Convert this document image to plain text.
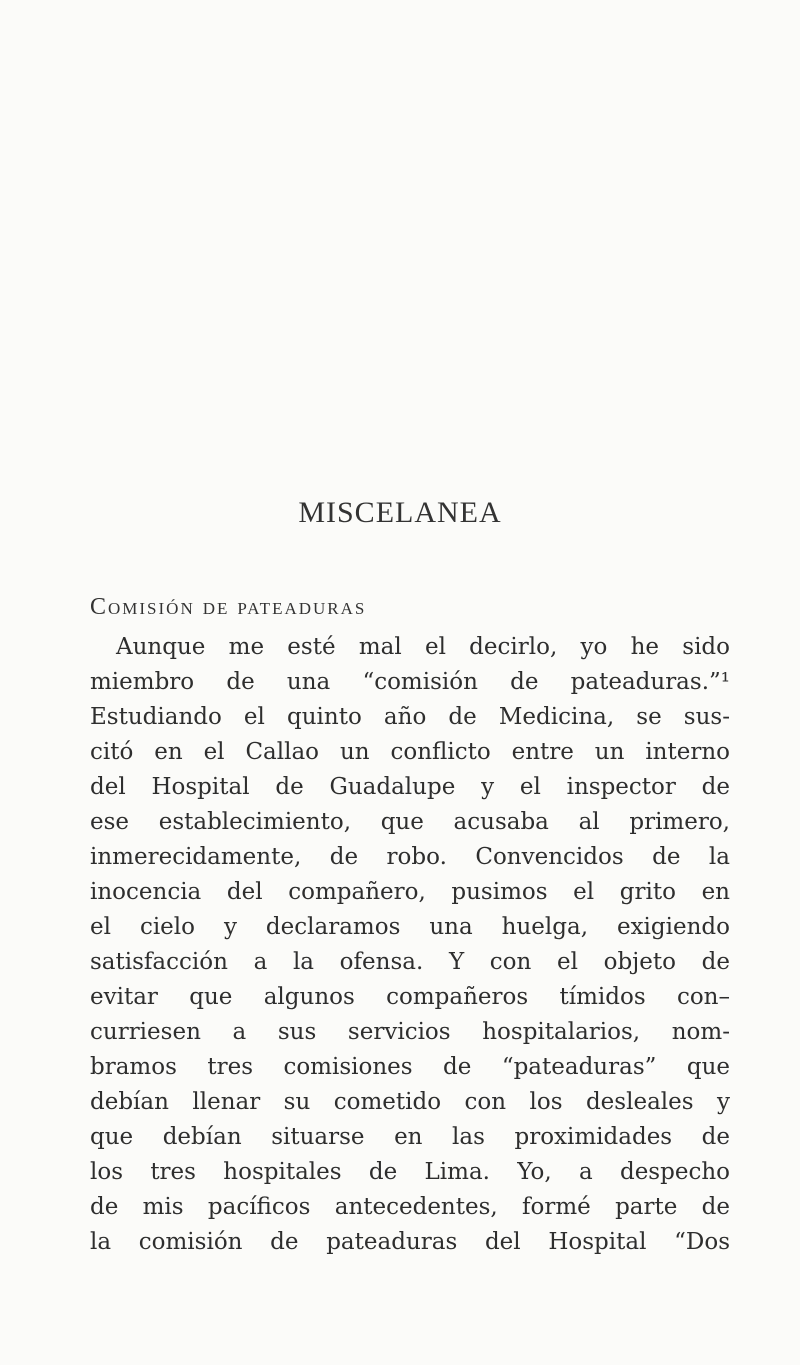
MISCELANEA
Comisión de pateaduras
Aunque me esté mal el decirlo, yo he sido
miembro de una “comisión de pateaduras.”¹
Estudiando el quinto año de Medicina, se sus-
citó en el Callao un conflicto entre un interno
del Hospital de Guadalupe y el inspector de
ese establecimiento, que acusaba al primero,
inmerecidamente, de robo. Convencidos de la
inocencia del compañero, pusimos el grito en
el cielo y declaramos una huelga, exigiendo
satisfacción a la ofensa. Y con el objeto de
evitar que algunos compañeros tímidos con–
curriesen a sus servicios hospitalarios, nom-
bramos tres comisiones de “pateaduras” que
debían llenar su cometido con los desleales y
que debían situarse en las proximidades de
los tres hospitales de Lima. Yo, a despecho
de mis pacíficos antecedentes, formé parte de
la comisión de pateaduras del Hospital “Dos
